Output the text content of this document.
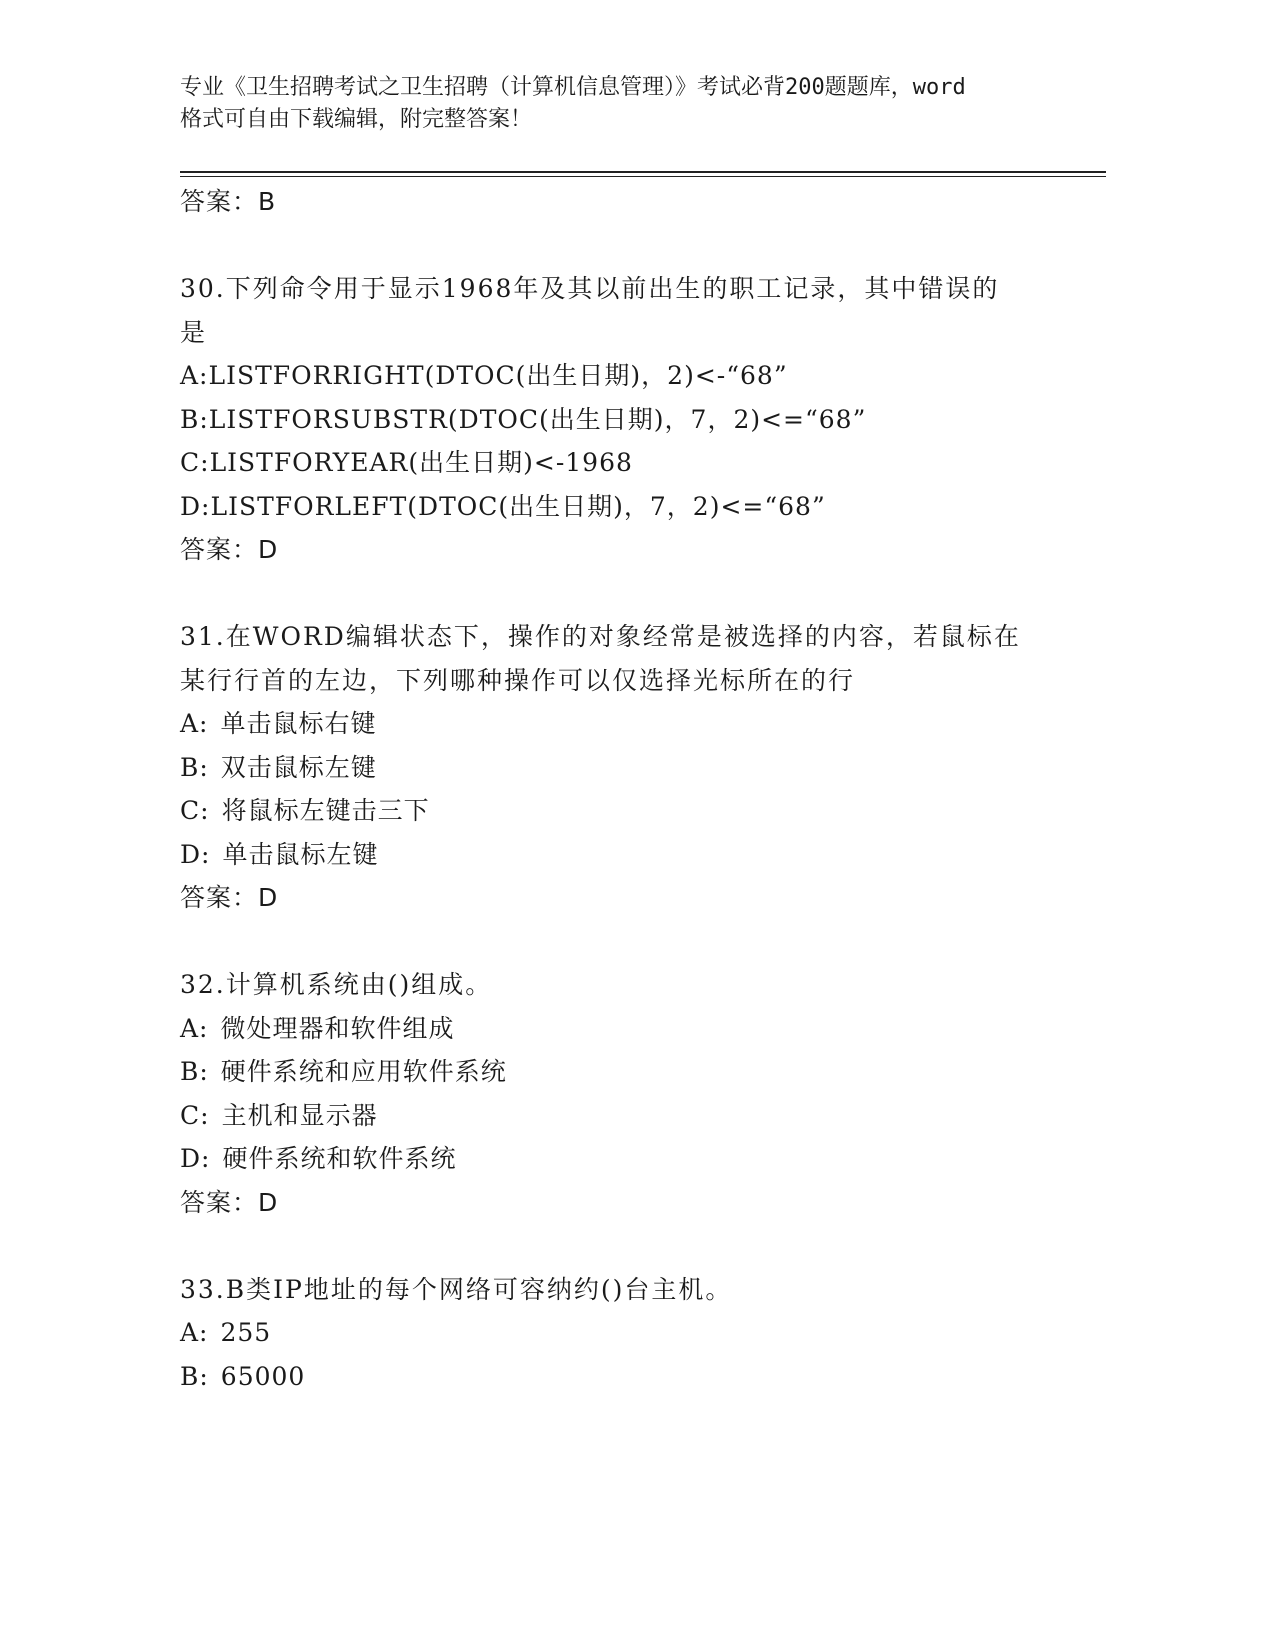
专业《卫生招聘考试之卫生招聘（计算机信息管理）》考试必背200题题库，word
格式可自由下载编辑，附完整答案！
答案：B
30.下列命令用于显示1968年及其以前出生的职工记录，其中错误的
是
A:LISTFORRIGHT(DTOC(出生日期)，2)<-“68”
B:LISTFORSUBSTR(DTOC(出生日期)，7，2)<=“68”
C:LISTFORYEAR(出生日期)<-1968
D:LISTFORLEFT(DTOC(出生日期)，7，2)<=“68”
答案：D
31.在WORD编辑状态下，操作的对象经常是被选择的内容，若鼠标在
某行行首的左边，下列哪种操作可以仅选择光标所在的行
A: 单击鼠标右键
B: 双击鼠标左键
C: 将鼠标左键击三下
D: 单击鼠标左键
答案：D
32.计算机系统由()组成。
A: 微处理器和软件组成
B: 硬件系统和应用软件系统
C: 主机和显示器
D: 硬件系统和软件系统
答案：D
33.B类IP地址的每个网络可容纳约()台主机。
A: 255
B: 65000
